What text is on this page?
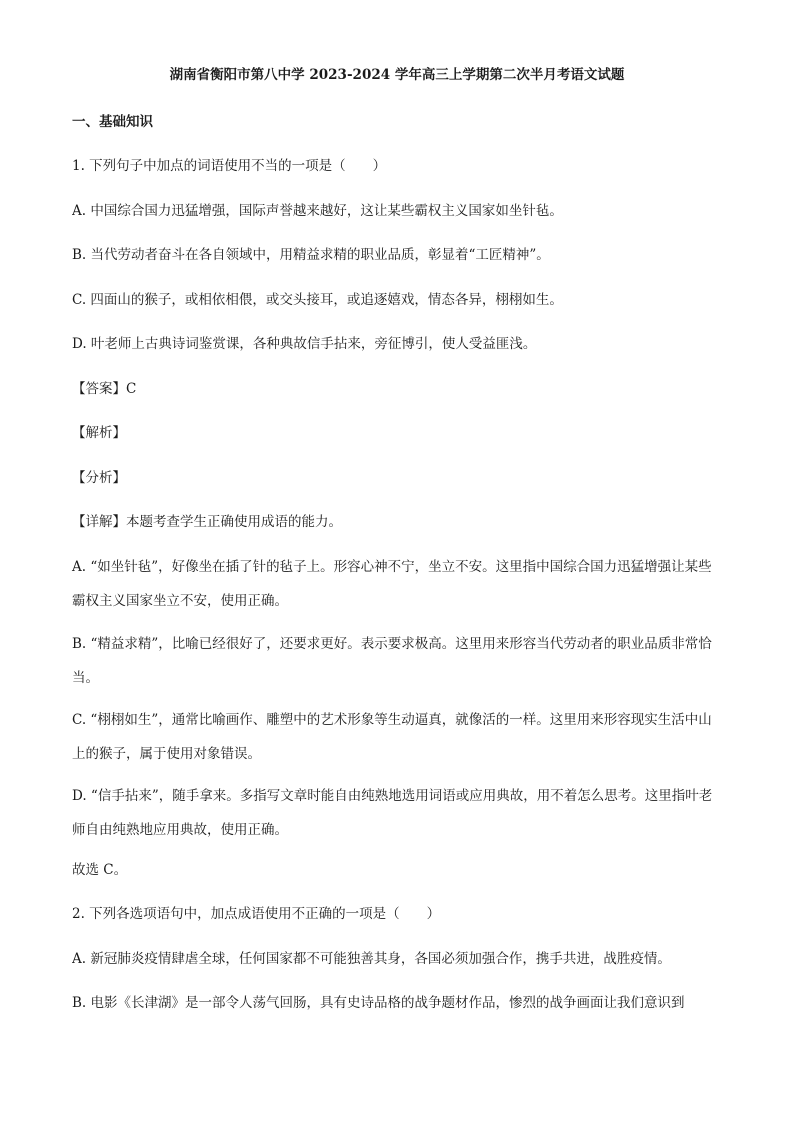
湖南省衡阳市第八中学 2023-2024 学年高三上学期第二次半月考语文试题
一、基础知识
1. 下列句子中加点的词语使用不当的一项是（　　）
A. 中国综合国力迅猛增强，国际声誉越来越好，这让某些霸权主义国家如坐针毡。
B. 当代劳动者奋斗在各自领域中，用精益求精的职业品质，彰显着“工匠精神”。
C. 四面山的猴子，或相依相偎，或交头接耳，或追逐嬉戏，情态各异，栩栩如生。
D. 叶老师上古典诗词鉴赏课，各种典故信手拈来，旁征博引，使人受益匪浅。
【答案】C
【解析】
【分析】
【详解】本题考查学生正确使用成语的能力。
A. “如坐针毡”，好像坐在插了针的毡子上。形容心神不宁，坐立不安。这里指中国综合国力迅猛增强让某些霸权主义国家坐立不安，使用正确。
B. “精益求精”，比喻已经很好了，还要求更好。表示要求极高。这里用来形容当代劳动者的职业品质非常恰当。
C. “栩栩如生”，通常比喻画作、雕塑中的艺术形象等生动逼真，就像活的一样。这里用来形容现实生活中山上的猴子，属于使用对象错误。
D. “信手拈来”，随手拿来。多指写文章时能自由纯熟地选用词语或应用典故，用不着怎么思考。这里指叶老师自由纯熟地应用典故，使用正确。
故选 C。
2. 下列各选项语句中，加点成语使用不正确的一项是（　　）
A. 新冠肺炎疫情肆虐全球，任何国家都不可能独善其身，各国必须加强合作，携手共进，战胜疫情。
B. 电影《长津湖》是一部令人荡气回肠，具有史诗品格的战争题材作品，惨烈的战争画面让我们意识到
